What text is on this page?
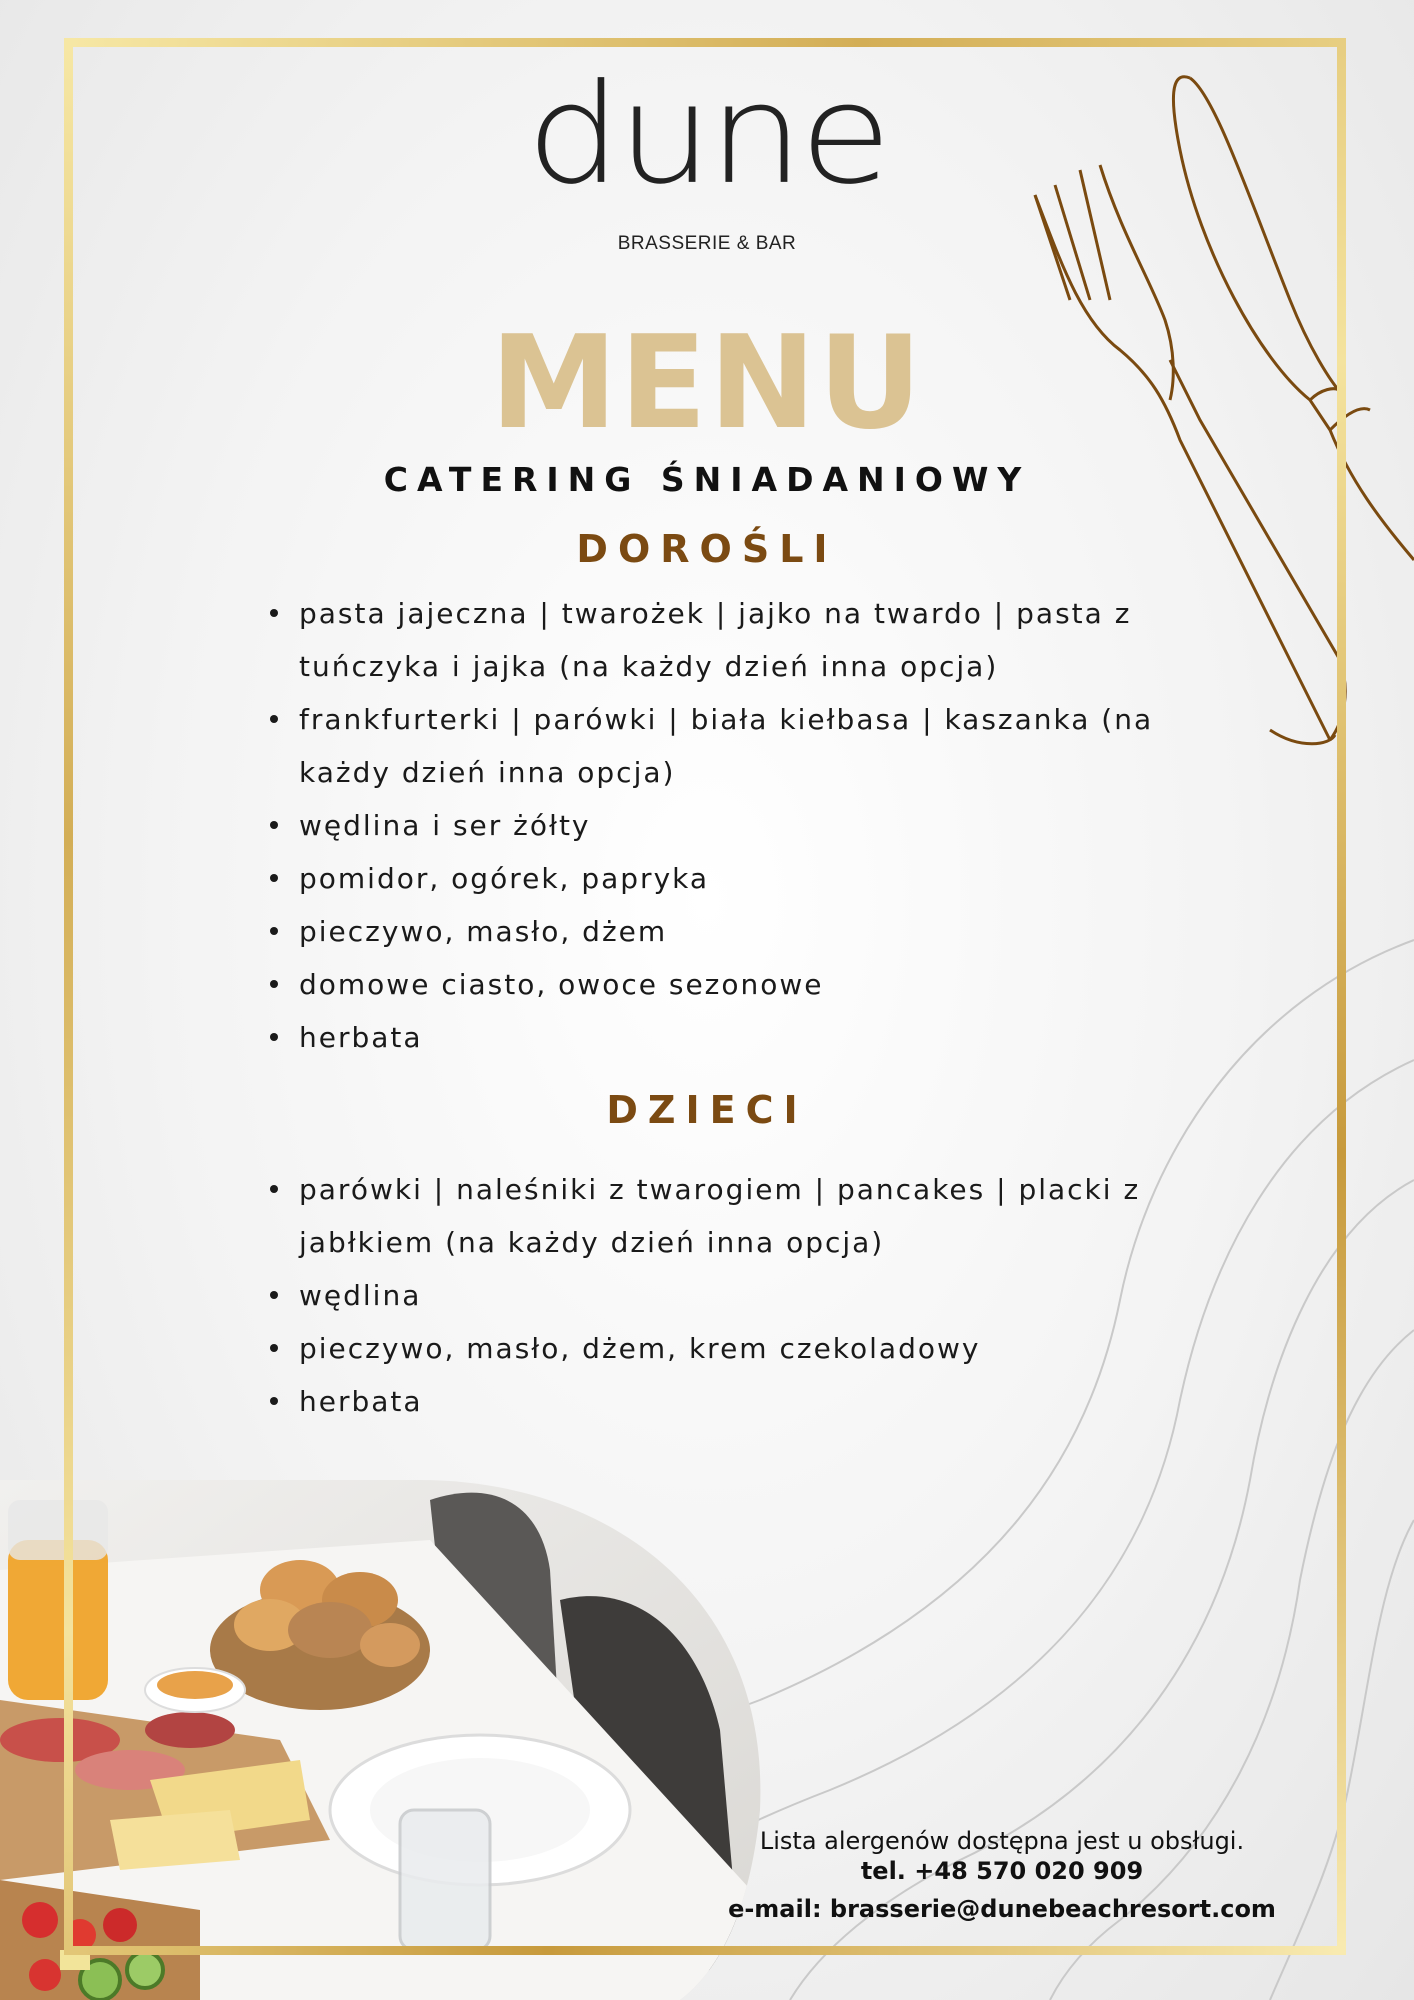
dune
BRASSERIE & BAR
MENU
CATERING ŚNIADANIOWY
DOROŚLI
pasta jajeczna | twarożek | jajko na twardo | pasta z tuńczyka i jajka (na każdy dzień inna opcja)
frankfurterki | parówki | biała kiełbasa | kaszanka (na każdy dzień inna opcja)
wędlina i ser żółty
pomidor, ogórek, papryka
pieczywo, masło, dżem
domowe ciasto, owoce sezonowe
herbata
DZIECI
parówki | naleśniki z twarogiem | pancakes | placki z jabłkiem (na każdy dzień inna opcja)
wędlina
pieczywo, masło, dżem, krem czekoladowy
herbata
Lista alergenów dostępna jest u obsługi.
tel. +48 570 020 909
e-mail: brasserie@dunebeachresort.com
